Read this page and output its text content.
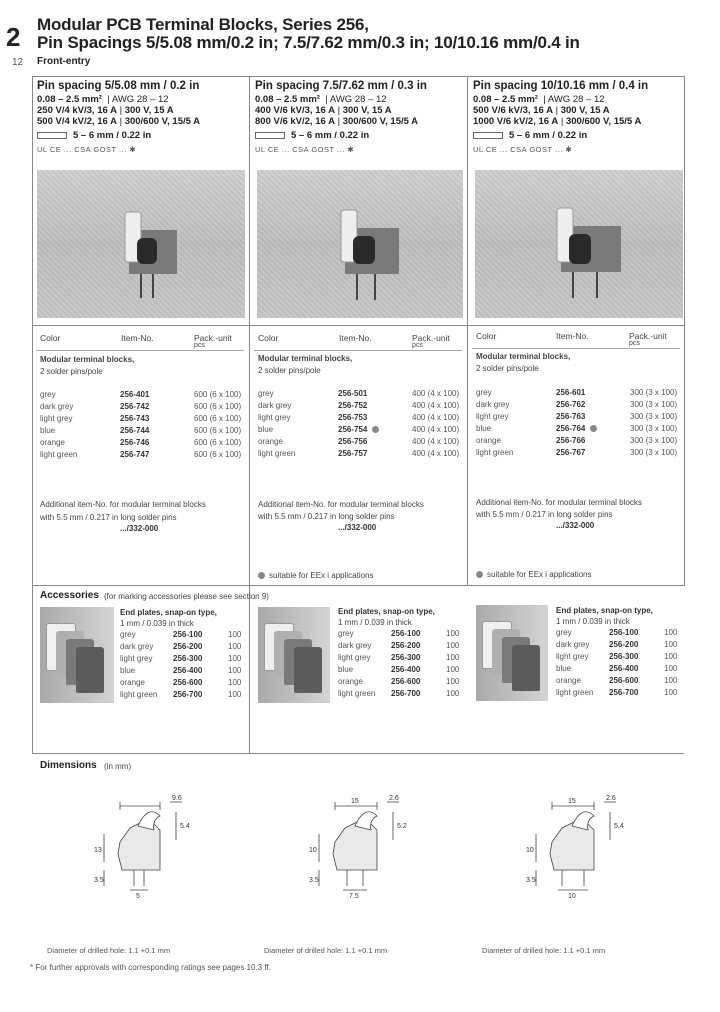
2 Modular PCB Terminal Blocks, Series 256,
Pin Spacings 5/5.08 mm/0.2 in; 7.5/7.62 mm/0.3 in; 10/10.16 mm/0.4 in
12 Front-entry
Pin spacing 5/5.08 mm / 0.2 in
0.08 – 2.5 mm²  | AWG 28 – 12
250 V/4 kV/3, 16 A | 300 V, 15 A
500 V/4 kV/2, 16 A | 300/600 V, 15/5 A
5 – 6 mm / 0.22 in
UL CE ... CSA GOST ... ✱
Pin spacing 7.5/7.62 mm / 0.3 in
0.08 – 2.5 mm²  | AWG 28 – 12
400 V/6 kV/3, 16 A | 300 V, 15 A
800 V/6 kV/2, 16 A | 300/600 V, 15/5 A
5 – 6 mm / 0.22 in
UL CE ... CSA GOST ... ✱
Pin spacing 10/10.16 mm / 0.4 in
0.08 – 2.5 mm²  | AWG 28 – 12
500 V/6 kV/3, 16 A | 300 V, 15 A
1000 V/6 kV/2, 16 A | 300/600 V, 15/5 A
5 – 6 mm / 0.22 in
UL CE ... CSA GOST ... ✱
Color	Item-No.	Pack.-unit
pcs
Color	Item-No.	Pack.-unit
pcs
Color	Item-No.	Pack.-unit
pcs
Modular terminal blocks,
2 solder pins/pole
Modular terminal blocks,
2 solder pins/pole
Modular terminal blocks,
2 solder pins/pole
grey	256-401	600 (6 x 100)
dark grey	256-742	600 (6 x 100)
light grey	256-743	600 (6 x 100)
blue	256-744	600 (6 x 100)
orange	256-746	600 (6 x 100)
light green	256-747	600 (6 x 100)
grey	256-501	400 (4 x 100)
dark grey	256-752	400 (4 x 100)
light grey	256-753	400 (4 x 100)
blue	256-754	400 (4 x 100)
orange	256-756	400 (4 x 100)
light green	256-757	400 (4 x 100)
grey	256-601	300 (3 x 100)
dark grey	256-762	300 (3 x 100)
light grey	256-763	300 (3 x 100)
blue	256-764	300 (3 x 100)
orange	256-766	300 (3 x 100)
light green	256-767	300 (3 x 100)
Additional item-No. for modular terminal blocks
with 5.5 mm / 0.217 in long solder pins
.../332-000
Additional item-No. for modular terminal blocks
with 5.5 mm / 0.217 in long solder pins
.../332-000
suitable for EEx i applications
Additional item-No. for modular terminal blocks
with 5.5 mm / 0.217 in long solder pins
.../332-000
suitable for EEx i applications
Accessories (for marking accessories please see section 9)
End plates, snap-on type,
1 mm / 0.039 in thick
grey	256-100	100
dark grey 256-200	100
light grey	256-300	100
blue	256-400	100
orange	256-600	100
light green 256-700	100
End plates, snap-on type,
1 mm / 0.039 in thick
grey	256-100	100
dark grey 256-200	100
light grey	256-300	100
blue	256-400	100
orange	256-600	100
light green 256-700	100
End plates, snap-on type,
1 mm / 0.039 in thick
grey	256-100	100
dark grey 256-200	100
light grey	256-300	100
blue	256-400	100
orange	256-600	100
light green 256-700	100
Dimensions (in mm)
9.6
5.4
13
3.5
5
15	2.6
5.2
10
3.5
7.5
15	2.6
5.4
10
3.5
10
Diameter of drilled hole: 1.1 +0.1 mm	Diameter of drilled hole: 1.1 +0.1 mm	Diameter of drilled hole: 1.1 +0.1 mm
* For further approvals with corresponding ratings see pages 10.3 ff.
